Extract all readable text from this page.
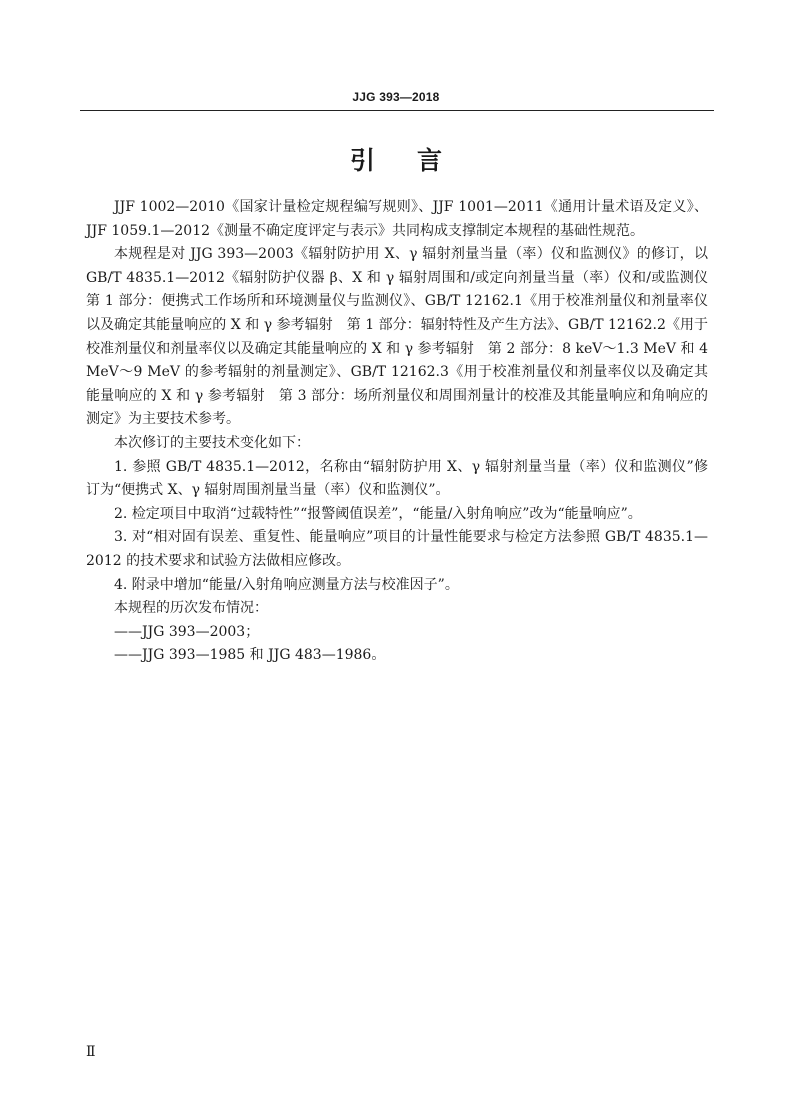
JJG 393—2018
引言

JJF 1002—2010《国家计量检定规程编写规则》、JJF 1001—2011《通用计量术语及定义》、JJF 1059.1—2012《测量不确定度评定与表示》共同构成支撑制定本规程的基础性规范。

本规程是对 JJG 393—2003《辐射防护用 X、γ 辐射剂量当量（率）仪和监测仪》的修订，以 GB/T 4835.1—2012《辐射防护仪器 β、X 和 γ 辐射周围和/或定向剂量当量（率）仪和/或监测仪　第 1 部分：便携式工作场所和环境测量仪与监测仪》、GB/T 12162.1《用于校准剂量仪和剂量率仪以及确定其能量响应的 X 和 γ 参考辐射　第 1 部分：辐射特性及产生方法》、GB/T 12162.2《用于校准剂量仪和剂量率仪以及确定其能量响应的 X 和 γ 参考辐射　第 2 部分：8 keV～1.3 MeV 和 4 MeV～9 MeV 的参考辐射的剂量测定》、GB/T 12162.3《用于校准剂量仪和剂量率仪以及确定其能量响应的 X 和 γ 参考辐射　第 3 部分：场所剂量仪和周围剂量计的校准及其能量响应和角响应的测定》为主要技术参考。

本次修订的主要技术变化如下：

1. 参照 GB/T 4835.1—2012，名称由“辐射防护用 X、γ 辐射剂量当量（率）仪和监测仪”修订为“便携式 X、γ 辐射周围剂量当量（率）仪和监测仪”。

2. 检定项目中取消“过载特性”“报警阈值误差”，“能量/入射角响应”改为“能量响应”。

3. 对“相对固有误差、重复性、能量响应”项目的计量性能要求与检定方法参照 GB/T 4835.1—2012 的技术要求和试验方法做相应修改。

4. 附录中增加“能量/入射角响应测量方法与校准因子”。

本规程的历次发布情况：

——JJG 393—2003；

——JJG 393—1985 和 JJG 483—1986。

Ⅱ
